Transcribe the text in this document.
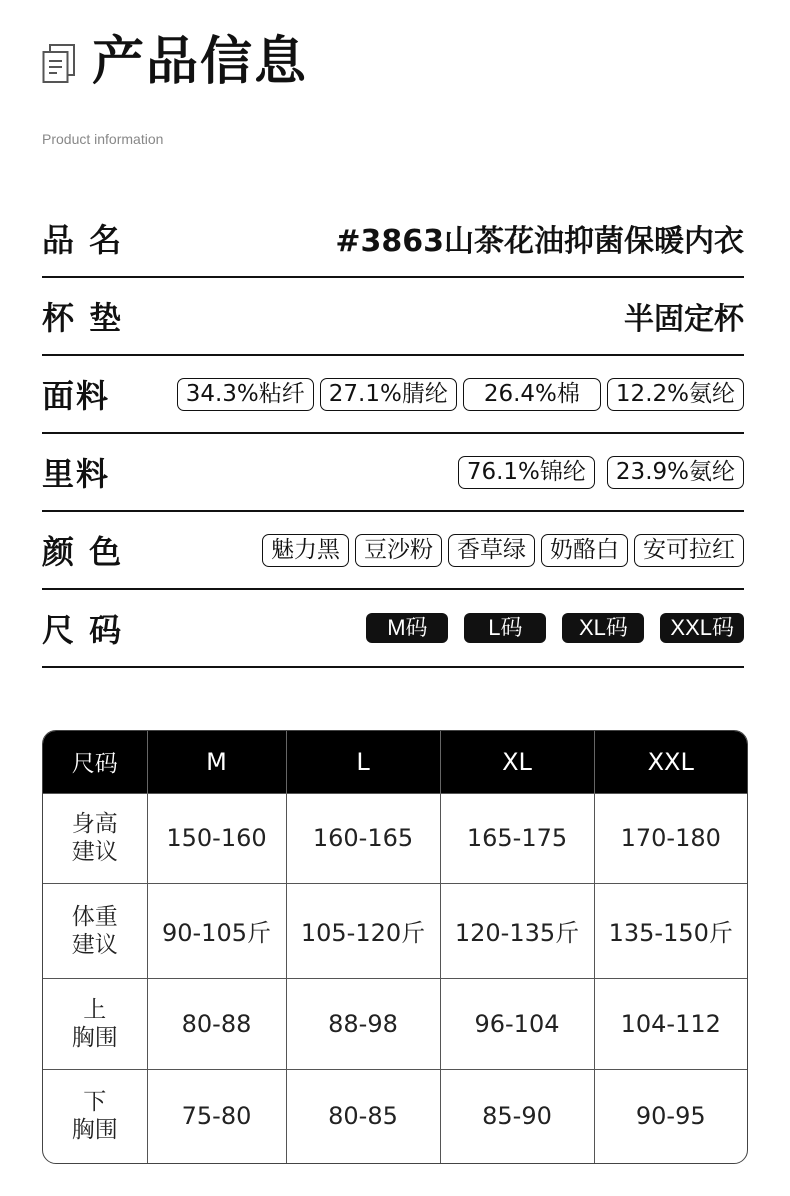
产品信息
Product information
品 名	#3863山茶花油抑菌保暖内衣
杯 垫	半固定杯
面料	34.3%粘纤	27.1%腈纶	26.4%棉	12.2%氨纶
里料	76.1%锦纶	23.9%氨纶
颜 色	魅力黑	豆沙粉	香草绿	奶酪白	安可拉红
尺 码	M码	L码	XL码	XXL码
尺码	M	L	XL	XXL

身高
建议	150-160	160-165	165-175	170-180

体重
建议	90-105斤	105-120斤	120-135斤	135-150斤

上
胸围	80-88	88-98	96-104	104-112

下
胸围	75-80	80-85	85-90	90-95
